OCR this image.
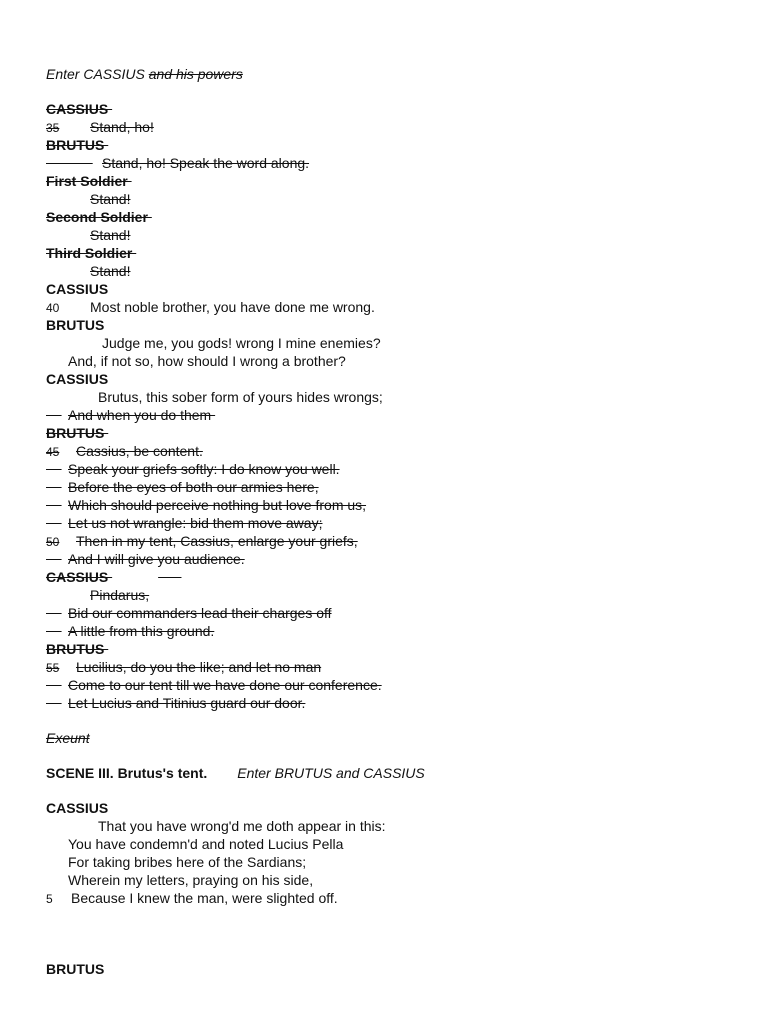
Enter CASSIUS and his powers
CASSIUS
35 Stand, ho!
BRUTUS
Stand, ho! Speak the word along.
First Soldier
Stand!
Second Soldier
Stand!
Third Soldier
Stand!
CASSIUS
40 Most noble brother, you have done me wrong.
BRUTUS
Judge me, you gods! wrong I mine enemies?
And, if not so, how should I wrong a brother?
CASSIUS
Brutus, this sober form of yours hides wrongs;
And when you do them
BRUTUS
45 Cassius, be content.
Speak your griefs softly: I do know you well.
Before the eyes of both our armies here,
Which should perceive nothing but love from us,
Let us not wrangle: bid them move away;
50 Then in my tent, Cassius, enlarge your griefs,
And I will give you audience.
CASSIUS
Pindarus,
Bid our commanders lead their charges off
A little from this ground.
BRUTUS
55 Lucilius, do you the like; and let no man
Come to our tent till we have done our conference.
Let Lucius and Titinius guard our door.
Exeunt
SCENE III. Brutus's tent. Enter BRUTUS and CASSIUS
CASSIUS
That you have wrong'd me doth appear in this:
You have condemn'd and noted Lucius Pella
For taking bribes here of the Sardians;
Wherein my letters, praying on his side,
5 Because I knew the man, were slighted off.
BRUTUS
